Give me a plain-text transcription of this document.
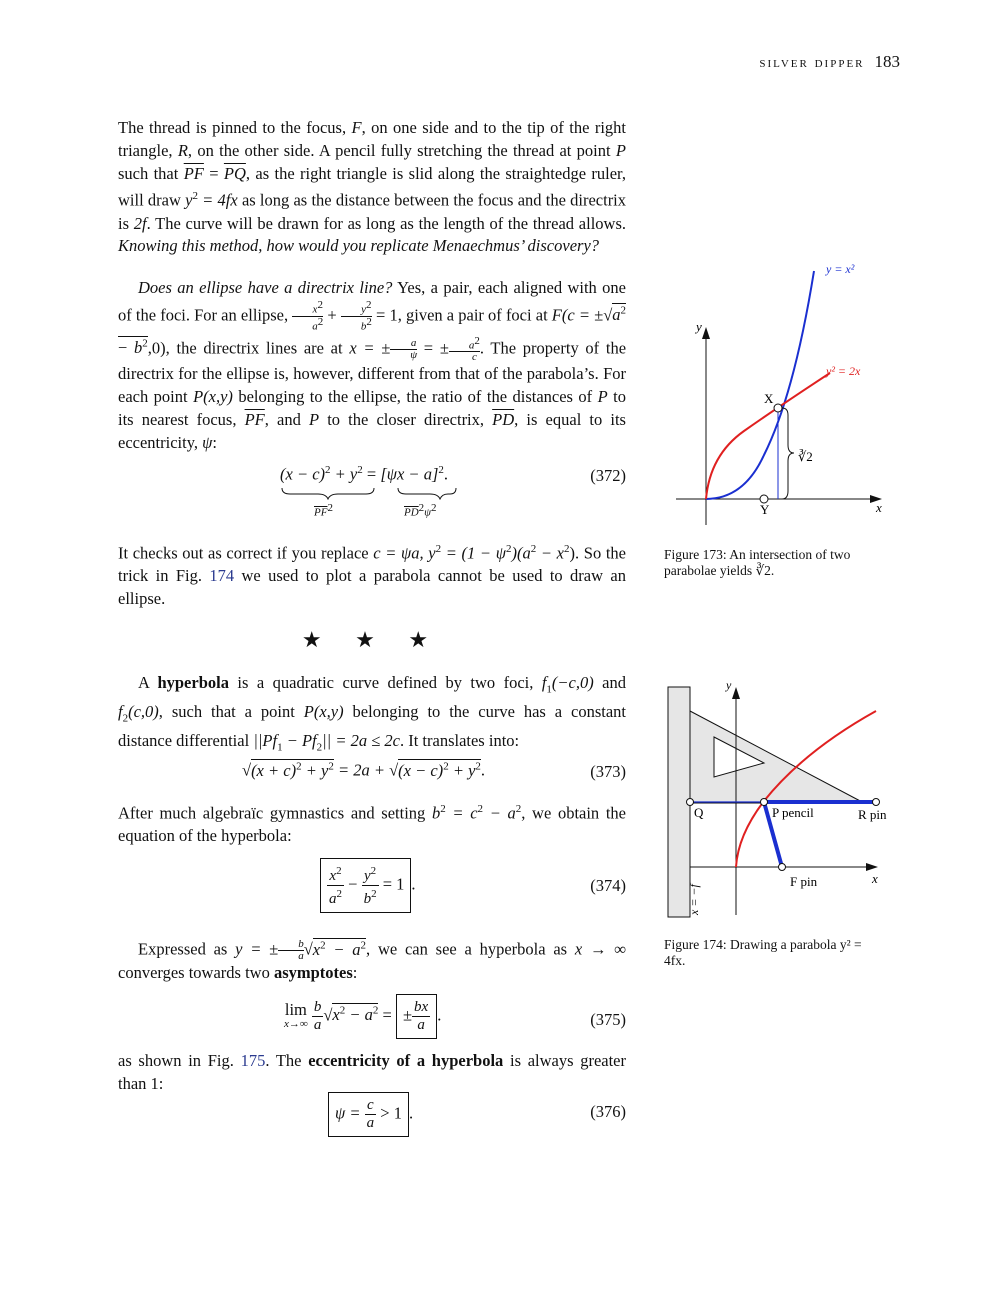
silver dipper 183

The thread is pinned to the focus, F, on one side and to the tip of the right triangle, R, on the other side. A pencil fully stretching the thread at point P such that $\overline{PF} = \overline{PQ}$, as the right triangle is slid along the straightedge ruler, will draw $y^2 = 4fx$ as long as the distance between the focus and the directrix is 2f. The curve will be drawn for as long as the length of the thread allows. Knowing this method, how would you replicate Menaechmus’ discovery?

Does an ellipse have a directrix line? Yes, a pair, each aligned with one of the foci. For an ellipse, $\frac{x^2}{a^2} + \frac{y^2}{b^2} = 1$, given a pair of foci at $F(c = \pm√a^2 - b^2,0)$, the directrix lines are at x = ± $\frac{a}{\psi}$ = ± $\frac{a^2}{c}$ . The property of the directrix for the ellipse is, however, different from that of the parabola’s. For each point P(x,y) belonging to the ellipse, the ratio of the distances of P to its nearest focus, $\overline{PF}$, and P to the closer directrix, $\overline{PD}$, is equal to its eccentricity, ψ:

$(x - c)^2 + y^2 = [\psi x - a]^2$.
$\overline{PF}^2$	$\overline{PD}^2\psi^2$
(372)

It checks out as correct if you replace c = ψa, $y^2 = (1 - \psi^2)(a^2 - x^2)$. So the trick in Fig. 174 we used to plot a parabola cannot be used to draw an ellipse.

★ ★ ★

A hyperbola is a quadratic curve defined by two foci, $f_1(-c,0)$ and $f_2(c,0)$, such that a point P(x,y) belonging to the curve has a constant distance differential $||Pf_1 - Pf_2|| = 2a \le 2c$. It translates into:

$√(x + c)^2 + y^2 = 2a + √(x - c)^2 + y^2$.	(373)

After much algebraïc gymnastics and setting $b^2 = c^2 - a^2$, we obtain the equation of the hyperbola:

$\frac{x^2}{a^2} - \frac{y^2}{b^2} = 1$ .	(374)

Expressed as y = ± $\frac{b}{a} √x^2 - a^2$, we can see a hyperbola as x → ∞ converges towards two asymptotes:

lim
x→∞
$\frac{b}{a} √x^2 - a^2$ = ± $\frac{bx}{a}$ .	(375)

as shown in Fig. 175. The eccentricity of a hyperbola is always greater than 1:

$\psi = \frac{c}{a} > 1$ .	(376)
y
x
y = x²
y² = 2x
X
Y
∛2
Figure 173: An intersection of two
parabolae yields ∛2.
y
x
Q	P pencil	R pin
F pin
x = −f
Figure 174: Drawing a parabola y² =
4fx.
